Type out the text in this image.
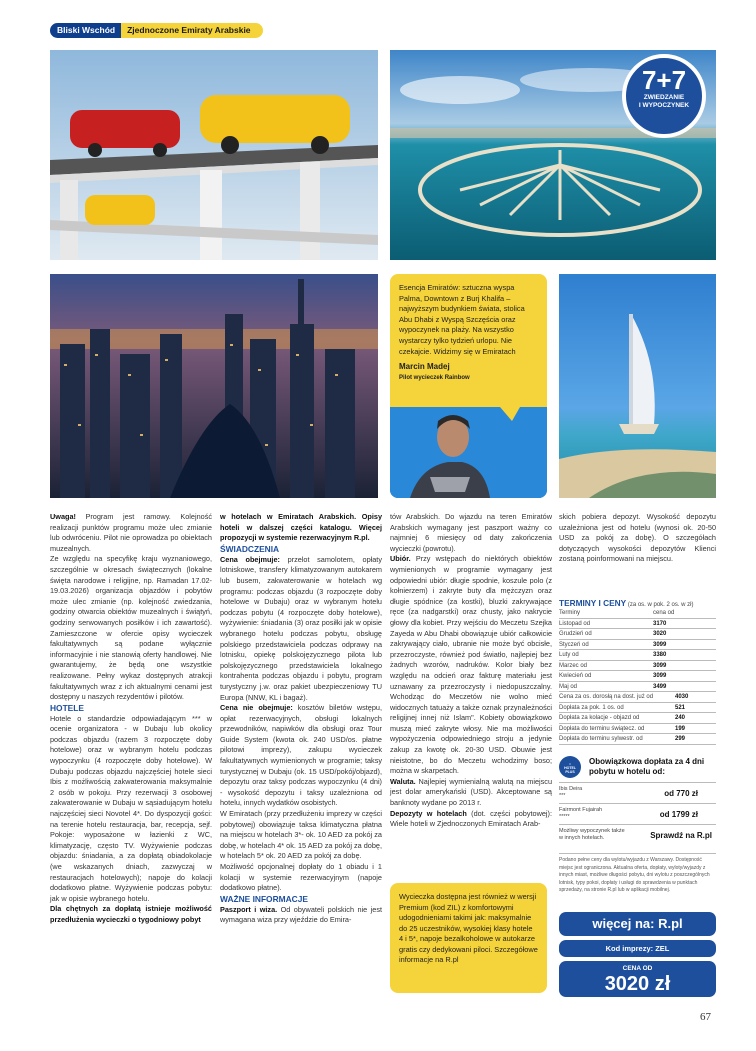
Bliski Wschód	Zjednoczone Emiraty Arabskie
7+7
ZWIEDZANIE
I WYPOCZYNEK

Esencja Emiratów: sztuczna wyspa Palma, Downtown z Burj Khalifa – najwyższym budynkiem świata, stolica Abu Dhabi z Wyspą Szczęścia oraz wypoczynek na plaży. Na wszystko wystarczy tylko tydzień urlopu. Nie czekajcie. Widzimy się w Emiratach

Marcin Madej

Pilot wycieczek Rainbow

Uwaga! Program jest ramowy. Kolejność realizacji punktów programu może ulec zmianie lub odwróceniu. Pilot nie oprowadza po obiektach muzealnych.

Ze względu na specyfikę kraju wyznaniowego, szczególnie w okresach świątecznych (lokalne święta narodowe i religijne, np. Ramadan 17.02-19.03.2026) organizacja objazdów i pobytów może ulec zmianie (np. kolejność zwiedzania, godziny otwarcia obiektów muzealnych i świątyń, godziny serwowanych posiłków i ich zawartość). Zamieszczone w ofercie opisy wycieczek fakultatywnych są podane wyłącznie informacyjnie i nie stanowią oferty handlowej. Nie gwarantujemy, że będą one wszystkie realizowane. Pełny wykaz dostępnych atrakcji fakultatywnych wraz z ich aktualnymi cenami jest dostępny u naszych rezydentów i pilotów.

HOTELE

Hotele o standardzie odpowiadającym *** w ocenie organizatora - w Dubaju lub okolicy podczas objazdu (razem 3 rozpoczęte doby hotelowe) oraz w wybranym hotelu podczas wypoczynku (4 rozpoczęte doby hotelowe). W Dubaju podczas objazdu najczęściej hotele sieci Ibis z możliwością zakwaterowania maksymalnie 2 osób w pokoju. Przy rezerwacji 3 osobowej zakwaterowanie w Dubaju w sąsiadującym hotelu najczęściej sieci Novotel 4*. Do dyspozycji gości: na terenie hotelu restauracja, bar, recepcja, sejf. Pokoje: wyposażone w łazienki z WC, klimatyzację, często TV. Wyżywienie podczas objazdu: śniadania, a za dopłatą obiadokolacje (we wskazanych dniach, zazwyczaj w restauracjach hotelowych); napoje do kolacji dodatkowo płatne. Wyżywienie podczas pobytu: jak w opisie wybranego hotelu.

Dla chętnych za dopłatą istnieje możliwość przedłużenia wycieczki o tygodniowy pobyt

w hotelach w Emiratach Arabskich. Opisy hoteli w dalszej części katalogu. Więcej propozycji w systemie rezerwacyjnym R.pl.

ŚWIADCZENIA

Cena obejmuje: przelot samolotem, opłaty lotniskowe, transfery klimatyzowanym autokarem lub busem, zakwaterowanie w hotelach wg programu: podczas objazdu (3 rozpoczęte doby hotelowe w Dubaju) oraz w wybranym hotelu podczas pobytu (4 rozpoczęte doby hotelowe), wyżywienie: śniadania (3) oraz posiłki jak w opisie wybranego hotelu podczas pobytu, obsługę polskiego przedstawiciela podczas odprawy na lotnisku, opiekę polskojęzycznego pilota lub polskojęzycznego przedstawiciela lokalnego kontrahenta podczas objazdu i pobytu, program turystyczny j.w. oraz pakiet ubezpieczeniowy TU Europa (NNW, KL i bagaż).

Cena nie obejmuje: kosztów biletów wstępu, opłat rezerwacyjnych, obsługi lokalnych przewodników, napiwków dla obsługi oraz Tour Guide System (kwota ok. 240 USD/os. płatne pilotowi imprezy), zakupu wycieczek fakultatywnych wymienionych w programie; taksy turystycznej w Dubaju (ok. 15 USD/pokój/objazd), depozytu oraz taksy podczas wypoczynku (4 dni) - wysokość depozytu i taksy uzależniona od hotelu, innych wydatków osobistych.

W Emiratach (przy przedłużeniu imprezy w części pobytowej) obowiązuje taksa klimatyczna płatna na miejscu w hotelach 3*- ok. 10 AED za pokój za dobę, w hotelach 4* ok. 15 AED za pokój za dobę, w hotelach 5* ok. 20 AED za pokój za dobę.

Możliwość opcjonalnej dopłaty do 1 obiadu i 1 kolacji w systemie rezerwacyjnym (napoje dodatkowo płatne).

WAŻNE INFORMACJE

Paszport i wiza. Od obywateli polskich nie jest wymagana wiza przy wjeździe do Emira-

tów Arabskich. Do wjazdu na teren Emiratów Arabskich wymagany jest paszport ważny co najmniej 6 miesięcy od daty zakończenia wycieczki (powrotu).

Ubiór. Przy wstępach do niektórych obiektów wymienionych w programie wymagany jest odpowiedni ubiór: długie spodnie, koszule polo (z kołnierzem) i zakryte buty dla mężczyzn oraz długie spódnice (za kostki), bluzki zakrywające ręce (za nadgarstki) oraz chusty, jako nakrycie głowy dla kobiet. Przy wejściu do Meczetu Szejka Zayeda w Abu Dhabi obowiązuje ubiór całkowicie zakrywający ciało, ubranie nie może być obcisłe, przezroczyste, również pod światło, najlepiej bez żadnych wzorów, nadruków. Kolor biały bez względu na odcień oraz fakturę materiału jest uznawany za przezroczysty i niedopuszczalny. Wchodząc do Meczetów nie wolno mieć widocznych tatuaży a także oznak przynależności religijnej innej niż Islam". Kobiety obowiązkowo muszą mieć zakryte włosy. Nie ma możliwości wypożyczenia odpowiedniego stroju a jedynie zakup za kwotę ok. 20-30 USD. Obuwie jest nieistotne, bo do Meczetu wchodzimy boso; można w skarpetach.

Waluta. Najlepiej wymienialną walutą na miejscu jest dolar amerykański (USD). Akceptowane są banknoty wydane po 2013 r.

Depozyty w hotelach (dot. części pobytowej): Wiele hoteli w Zjednoczonych Emiratach Arab-

Wycieczka dostępna jest również w wersji Premium (kod ZIL) z komfortowymi udogodnieniami takimi jak: maksymalnie do 25 uczestników, wysokiej klasy hotele 4 i 5*, napoje bezalkoholowe w autokarze gratis czy dedykowani piloci. Szczegółowe informacje na R.pl

skich pobiera depozyt. Wysokość depozytu uzależniona jest od hotelu (wynosi ok. 20-50 USD za pokój za dobę). O szczegółach dotyczących wysokości depozytów Klienci zostaną poinformowani na miejscu.

TERMINY I CENY (za os. w pok. 2 os. w zł)
Terminy	cena od
Listopad od	3170
Grudzień od	3020
Styczeń od	3099
Luty od	3380
Marzec od	3099
Kwiecień od	3099
Maj od	3499
Cena za os. dorosłą na dost. już od	4030
Dopłata za pok. 1 os. od	521
Dopłata za kolacje - objazd od	240
Dopłata do terminu świątecz. od	199
Dopłata do terminu sylwestr. od	299
⌂
HOTEL
PLUS
Obowiązkowa dopłata za 4 dni pobytu w hotelu od:
Ibis Deira
***	od 770 zł
Fairmont Fujairah
*****	od 1799 zł
Możliwy wypoczynek także w innych hotelach.	Sprawdź na R.pl
Podano pełne ceny dla wylotu/wyjazdu z Warszawy. Dostępność miejsc jest ograniczona. Aktualna oferta, dopłaty, wyloty/wyjazdy z innych miast, możliwe długości pobytu, dni wylotu z poszczególnych lotnisk, typy pokoi, dopłaty i usługi do sprawdzenia w punktach sprzedaży, na stronie R.pl lub w aplikacji mobilnej.
więcej na: R.pl
Kod imprezy: ZEL
CENA OD
3020 zł
67
